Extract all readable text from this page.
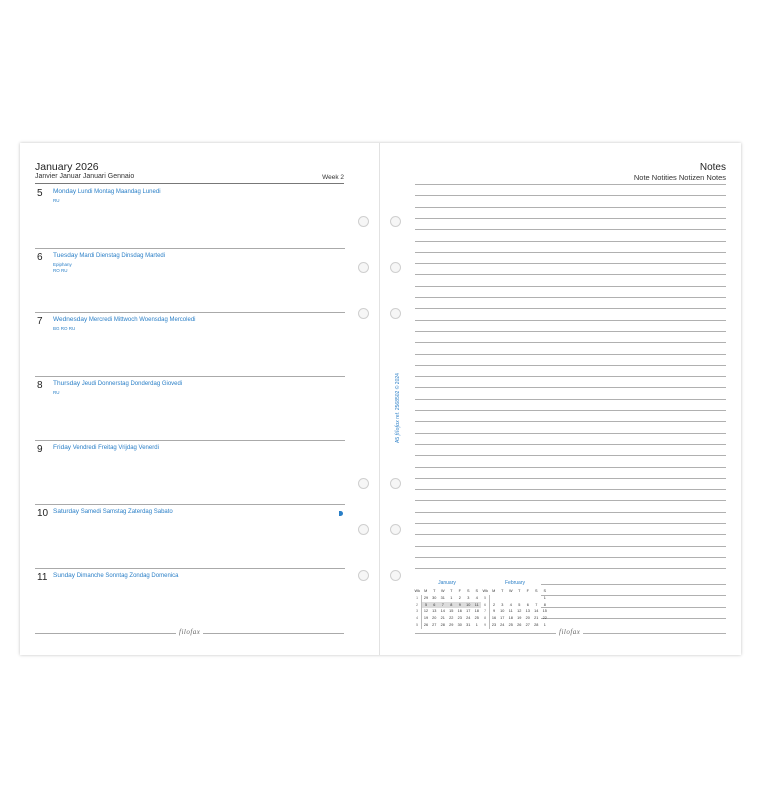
January 2026
Janvier Januar Januari Gennaio	Week 2
5 Monday Lundi Montag Maandag Lunedi
RU
6 Tuesday Mardi Dienstag Dinsdag Martedi
Epiphany
RO RU
7 Wednesday Mercredi Mittwoch Woensdag Mercoledi
BG RO RU
8 Thursday Jeudi Donnerstag Donderdag Giovedi
RU
9 Friday Vendredi Freitag Vrijdag Venerdi
10 Saturday Samedi Samstag Zaterdag Sabato
11 Sunday Dimanche Sonntag Zondag Domenica
filofax
Notes
Note Notities Notizen Notes
A5 filofax ref. 2568502 © 2024
January
Wk	M	T	W	T	F	S	S
1	29	30	31	1	2	3	4
2	5	6	7	8	9	10	11
3	12	13	14	15	16	17	18
4	19	20	21	22	23	24	25
5	26	27	28	29	30	31	1
February
Wk	M	T	W	T	F	S	S
5							1
6	2	3	4	5	6	7	8
7	9	10	11	12	13	14	15
8	16	17	18	19	20	21	22
9	23	24	25	26	27	28	1
filofax
